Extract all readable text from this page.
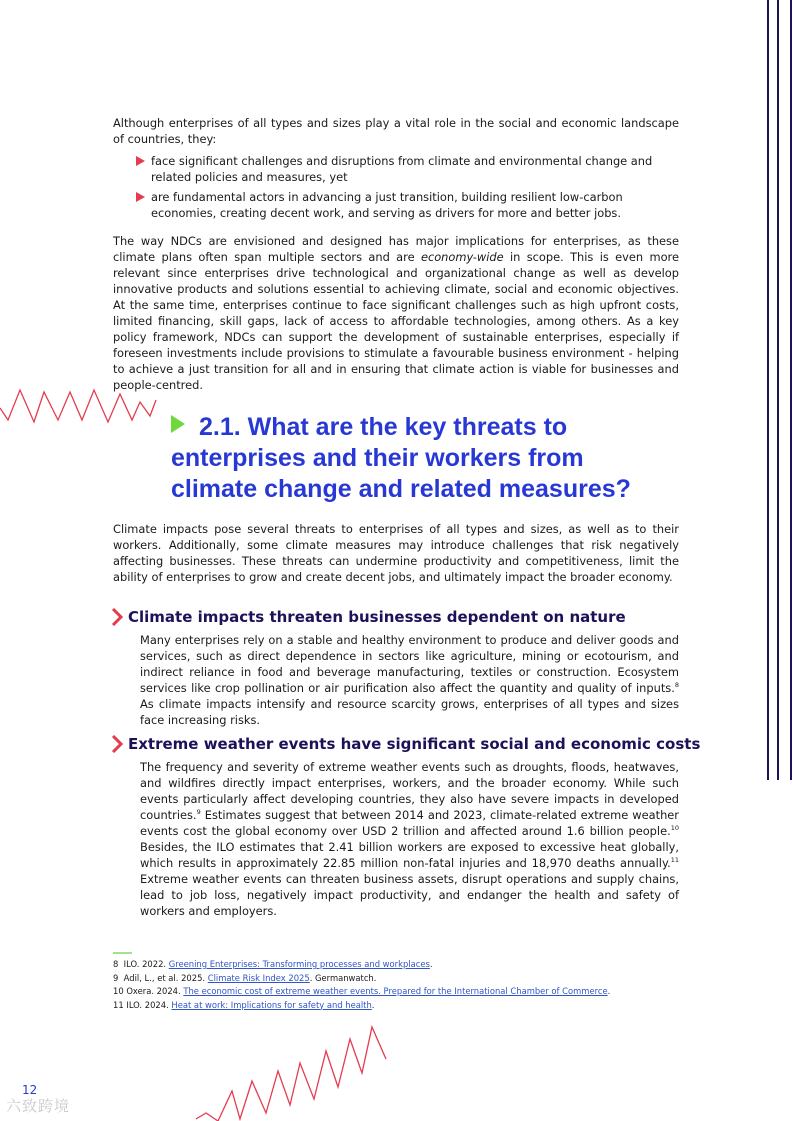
Although enterprises of all types and sizes play a vital role in the social and economic landscape of countries, they:

face significant challenges and disruptions from climate and environmental change and related policies and measures, yet
are fundamental actors in advancing a just transition, building resilient low-carbon economies, creating decent work, and serving as drivers for more and better jobs.

The way NDCs are envisioned and designed has major implications for enterprises, as these climate plans often span multiple sectors and are economy-wide in scope. This is even more relevant since enterprises drive technological and organizational change as well as develop innovative products and solutions essential to achieving climate, social and economic objectives. At the same time, enterprises continue to face significant challenges such as high upfront costs, limited financing, skill gaps, lack of access to affordable technologies, among others. As a key policy framework, NDCs can support the development of sustainable enterprises, especially if foreseen investments include provisions to stimulate a favourable business environment - helping to achieve a just transition for all and in ensuring that climate action is viable for businesses and people-centred.

2.1. What are the key threats to enterprises and their workers from climate change and related measures?

Climate impacts pose several threats to enterprises of all types and sizes, as well as to their workers. Additionally, some climate measures may introduce challenges that risk negatively affecting businesses. These threats can undermine productivity and competitiveness, limit the ability of enterprises to grow and create decent jobs, and ultimately impact the broader economy.

Climate impacts threaten businesses dependent on nature

Many enterprises rely on a stable and healthy environment to produce and deliver goods and services, such as direct dependence in sectors like agriculture, mining or ecotourism, and indirect reliance in food and beverage manufacturing, textiles or construction. Ecosystem services like crop pollination or air purification also affect the quantity and quality of inputs.$^8$ As climate impacts intensify and resource scarcity grows, enterprises of all types and sizes face increasing risks.

Extreme weather events have significant social and economic costs

The frequency and severity of extreme weather events such as droughts, floods, heatwaves, and wildfires directly impact enterprises, workers, and the broader economy. While such events particularly affect developing countries, they also have severe impacts in developed countries.$^9$ Estimates suggest that between 2014 and 2023, climate-related extreme weather events cost the global economy over USD 2 trillion and affected around 1.6 billion people.$^{10}$ Besides, the ILO estimates that 2.41 billion workers are exposed to excessive heat globally, which results in approximately 22.85 million non-fatal injuries and 18,970 deaths annually.$^{11}$ Extreme weather events can threaten business assets, disrupt operations and supply chains, lead to job loss, negatively impact productivity, and endanger the health and safety of workers and employers.

8 ILO. 2022. Greening Enterprises: Transforming processes and workplaces.
9 Adil, L., et al. 2025. Climate Risk Index 2025. Germanwatch.
10 Oxera. 2024. The economic cost of extreme weather events. Prepared for the International Chamber of Commerce.
11 ILO. 2024. Heat at work: Implications for safety and health.
12
六致跨境
